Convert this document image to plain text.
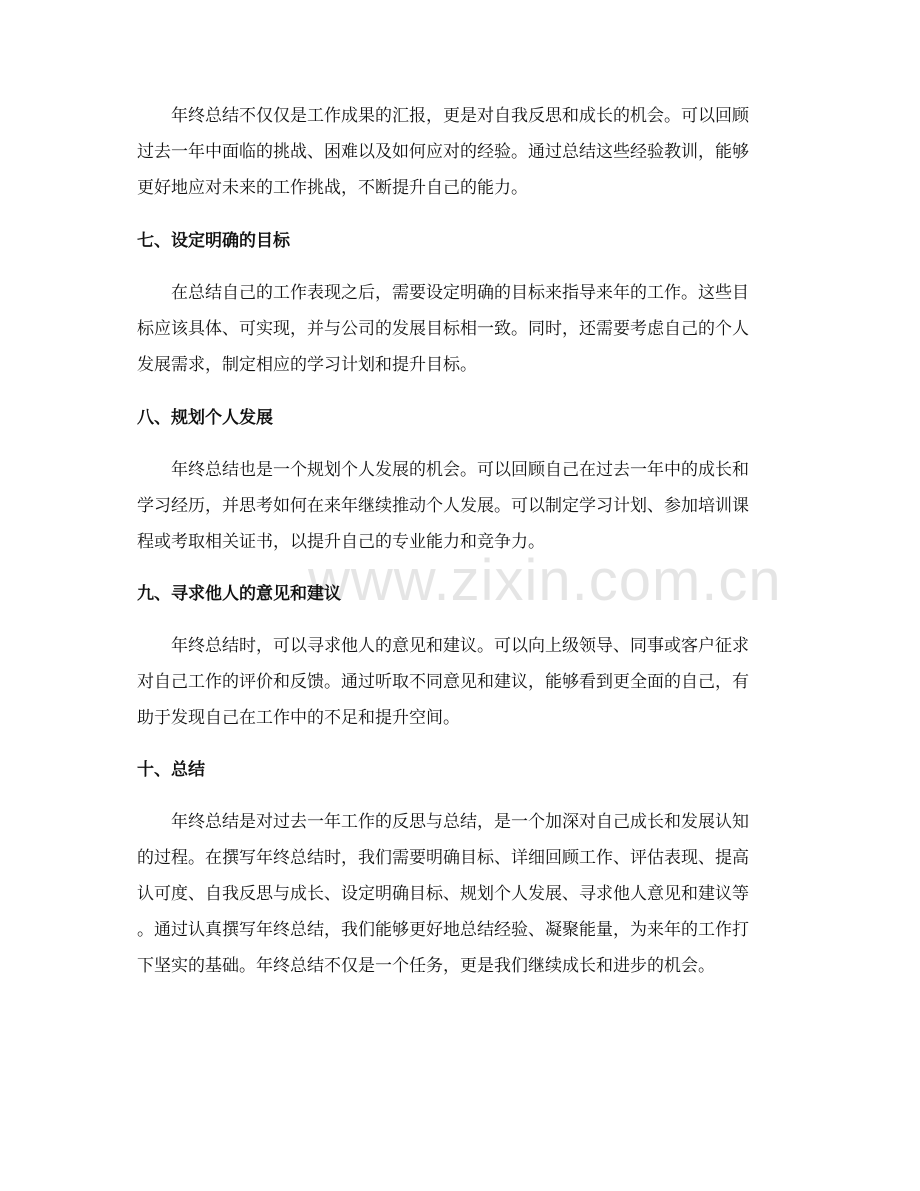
www.zixin.com.cn

年终总结不仅仅是工作成果的汇报，更是对自我反思和成长的机会。可以回顾
过去一年中面临的挑战、困难以及如何应对的经验。通过总结这些经验教训，能够
更好地应对未来的工作挑战，不断提升自己的能力。

七、设定明确的目标

在总结自己的工作表现之后，需要设定明确的目标来指导来年的工作。这些目
标应该具体、可实现，并与公司的发展目标相一致。同时，还需要考虑自己的个人
发展需求，制定相应的学习计划和提升目标。

八、规划个人发展

年终总结也是一个规划个人发展的机会。可以回顾自己在过去一年中的成长和
学习经历，并思考如何在来年继续推动个人发展。可以制定学习计划、参加培训课
程或考取相关证书，以提升自己的专业能力和竞争力。

九、寻求他人的意见和建议

年终总结时，可以寻求他人的意见和建议。可以向上级领导、同事或客户征求
对自己工作的评价和反馈。通过听取不同意见和建议，能够看到更全面的自己，有
助于发现自己在工作中的不足和提升空间。

十、总结

年终总结是对过去一年工作的反思与总结，是一个加深对自己成长和发展认知
的过程。在撰写年终总结时，我们需要明确目标、详细回顾工作、评估表现、提高
认可度、自我反思与成长、设定明确目标、规划个人发展、寻求他人意见和建议等
。通过认真撰写年终总结，我们能够更好地总结经验、凝聚能量，为来年的工作打
下坚实的基础。年终总结不仅是一个任务，更是我们继续成长和进步的机会。
